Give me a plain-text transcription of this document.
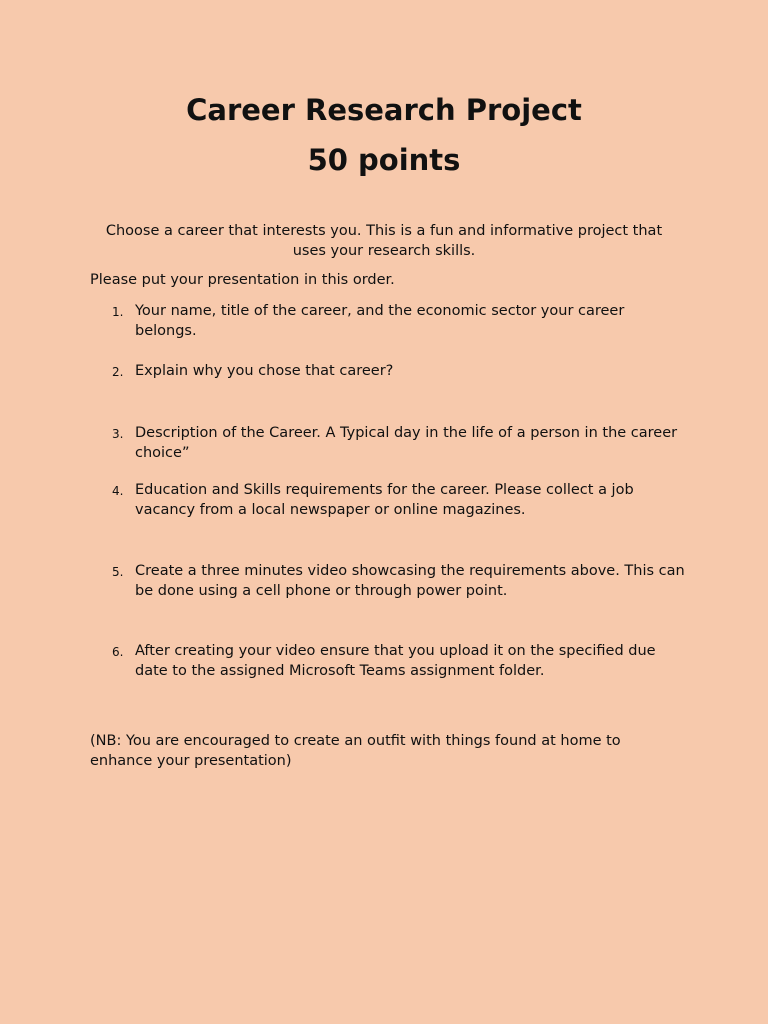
Career Research Project
50 points

Choose a career that interests you. This is a fun and informative project that uses your research skills.

Please put your presentation in this order.

1. Your name, title of the career, and the economic sector your career belongs.
2. Explain why you chose that career?
3. Description of the Career. A Typical day in the life of a person in the career choice”
4. Education and Skills requirements for the career. Please collect a job vacancy from a local newspaper or online magazines.
5. Create a three minutes video showcasing the requirements above. This can be done using a cell phone or through power point.
6. After creating your video ensure that you upload it on the specified due date to the assigned Microsoft Teams assignment folder.

(NB: You are encouraged to create an outfit with things found at home to enhance your presentation)
